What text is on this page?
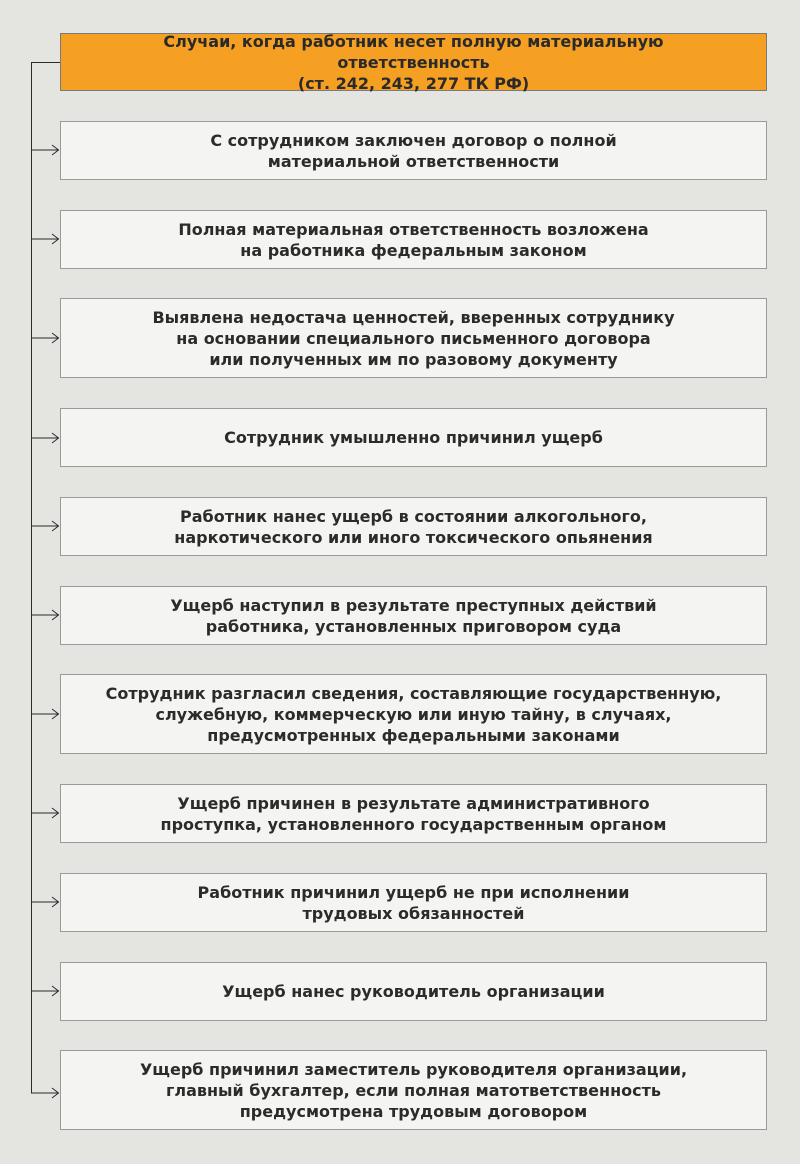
Случаи, когда работник несет полную материальную ответственность
(ст. 242, 243, 277 ТК РФ)
С сотрудником заключен договор о полной
материальной ответственности
Полная материальная ответственность возложена
на работника федеральным законом
Выявлена недостача ценностей, вверенных сотруднику
на основании специального письменного договора
или полученных им по разовому документу
Сотрудник умышленно причинил ущерб
Работник нанес ущерб в состоянии алкогольного,
наркотического или иного токсического опьянения
Ущерб наступил в результате преступных действий
работника, установленных приговором суда
Сотрудник разгласил сведения, составляющие государственную,
служебную, коммерческую или иную тайну, в случаях,
предусмотренных федеральными законами
Ущерб причинен в результате административного
проступка, установленного государственным органом
Работник причинил ущерб не при исполнении
трудовых обязанностей
Ущерб нанес руководитель организации
Ущерб причинил заместитель руководителя организации,
главный бухгалтер, если полная матответственность
предусмотрена трудовым договором
